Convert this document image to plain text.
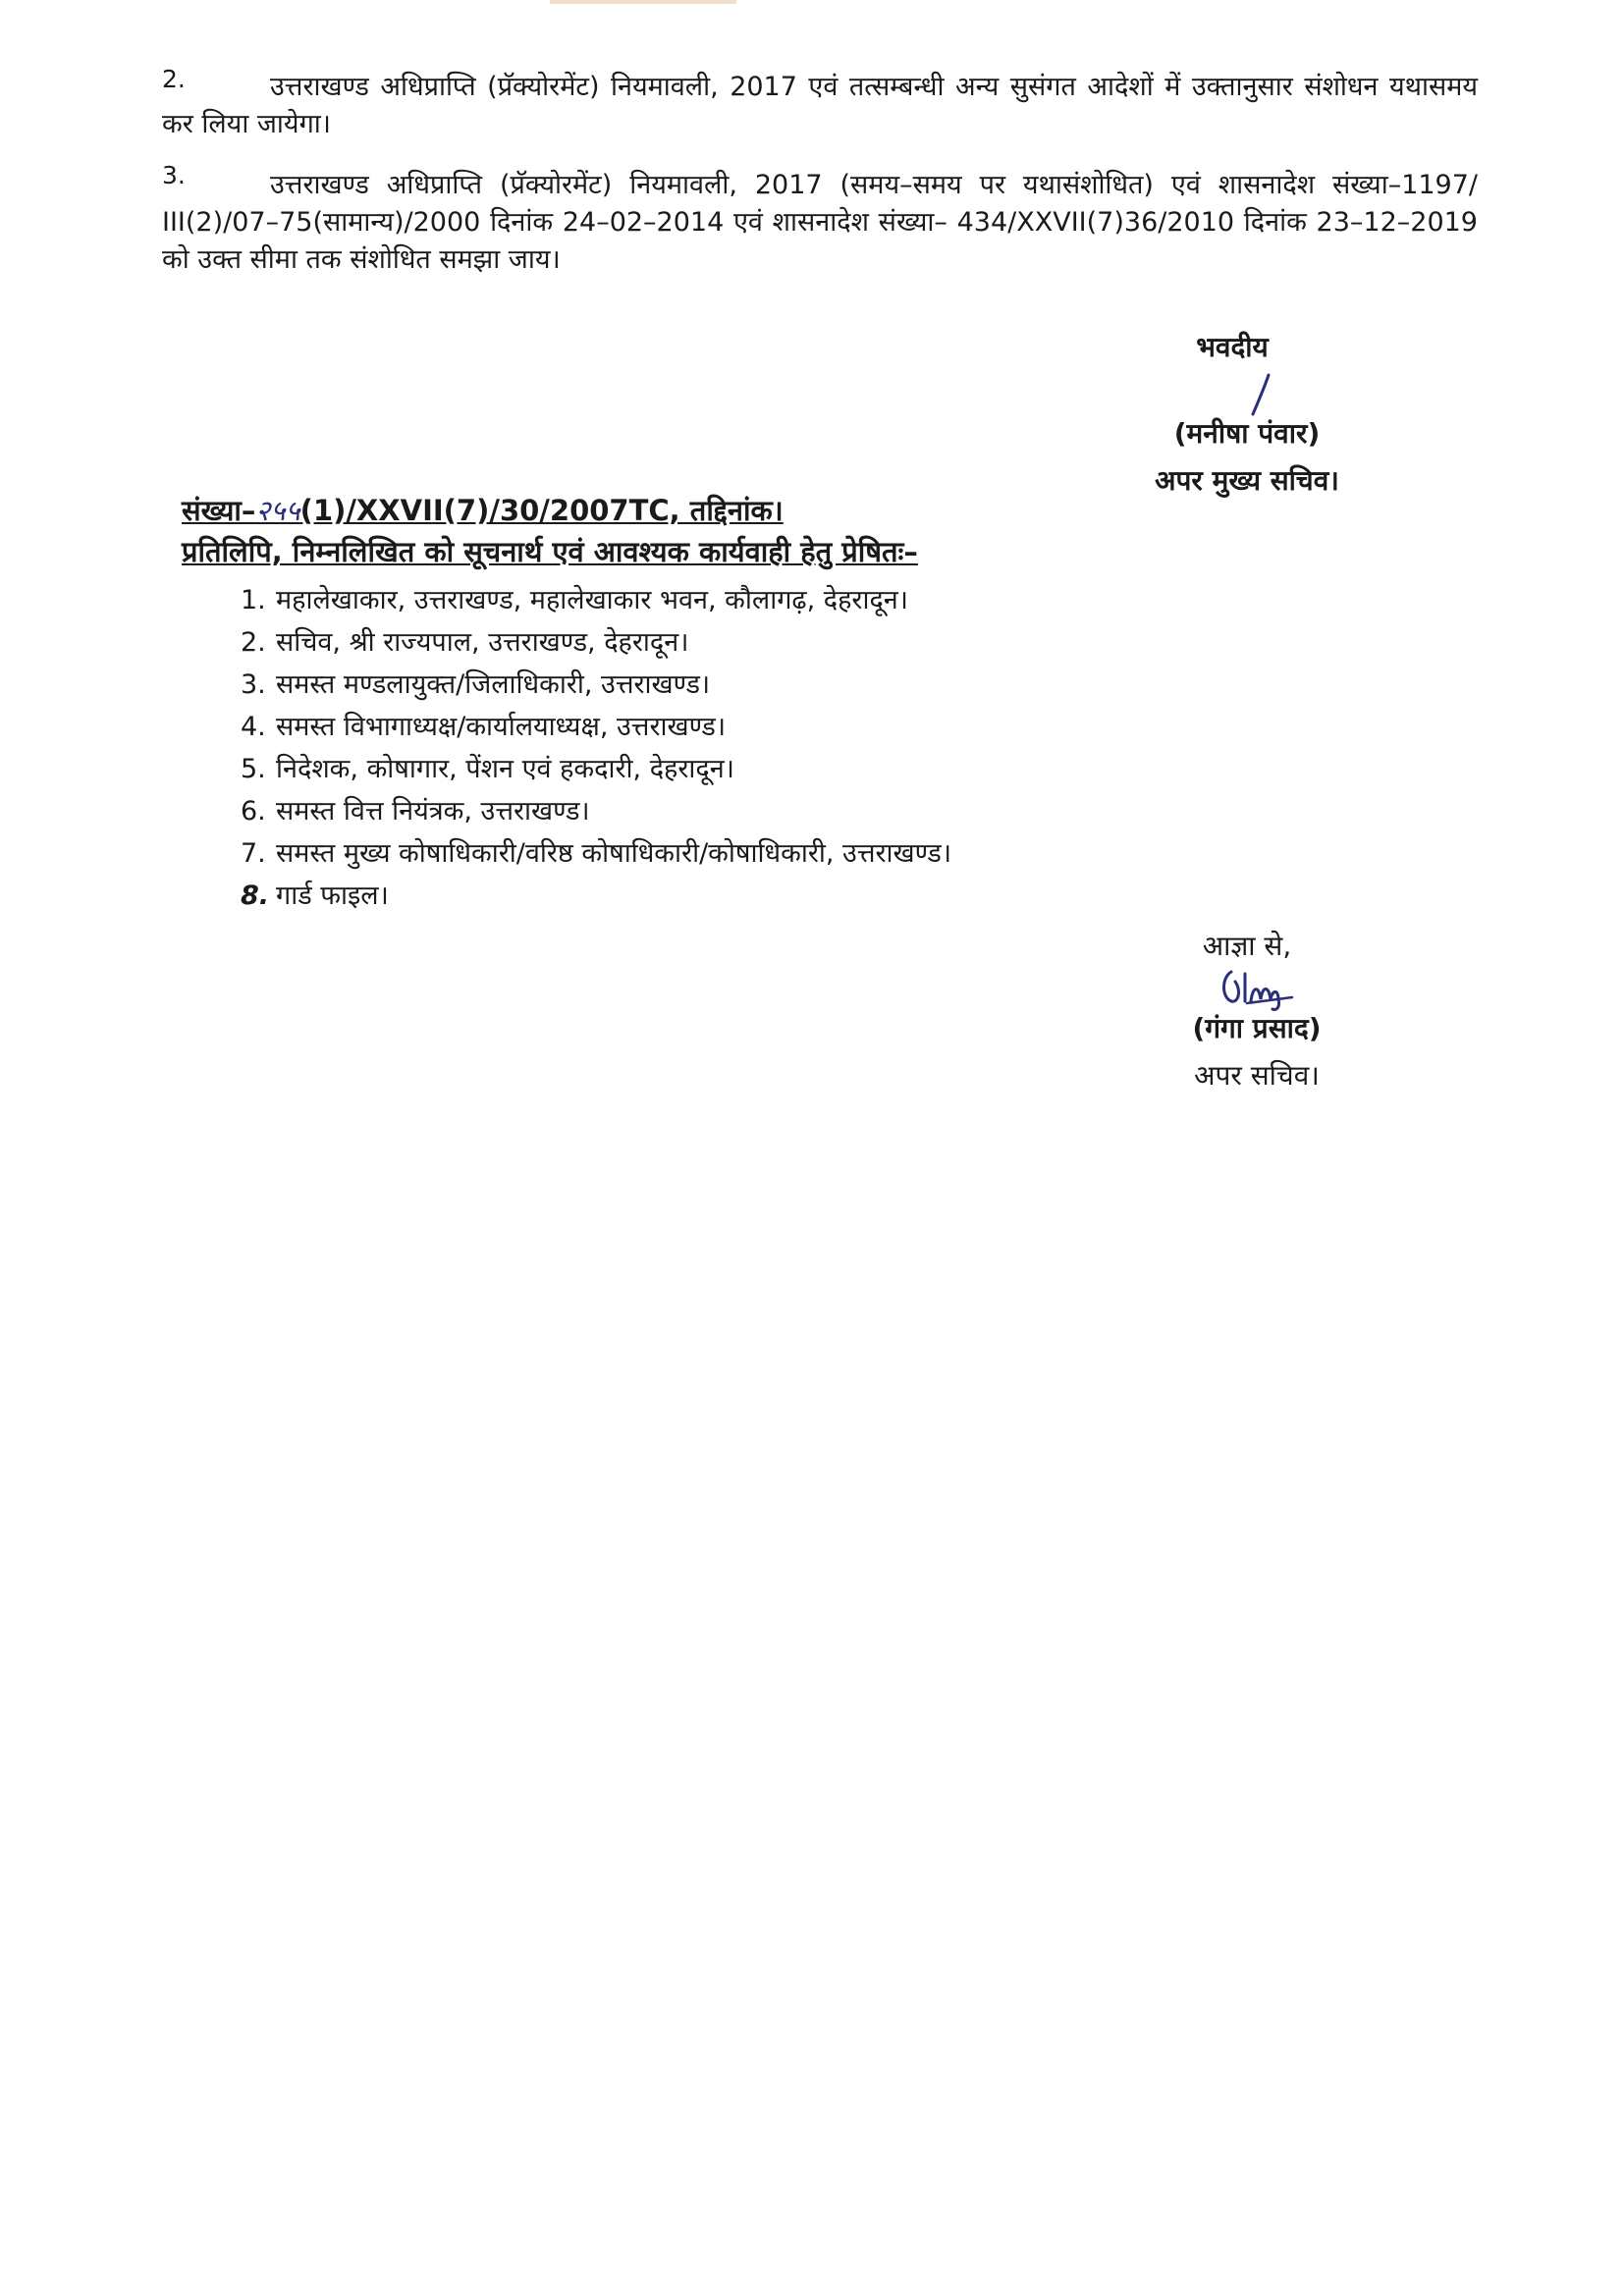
2.	उत्तराखण्ड अधिप्राप्ति (प्रॅक्योरमेंट) नियमावली, 2017 एवं तत्सम्बन्धी अन्य सुसंगत आदेशों में उक्तानुसार संशोधन यथासमय कर लिया जायेगा।
3.	उत्तराखण्ड अधिप्राप्ति (प्रॅक्योरमेंट) नियमावली, 2017 (समय–समय पर यथासंशोधित) एवं शासनादेश संख्या–1197/ III(2)/07–75(सामान्य)/2000 दिनांक 24–02–2014 एवं शासनादेश संख्या– 434/XXVII(7)36/2010 दिनांक 23–12–2019 को उक्त सीमा तक संशोधित समझा जाय।
भवदीय
(मनीषा पंवार)
अपर मुख्य सचिव।
संख्या–२५५(1)/XXVII(7)/30/2007TC, तद्दिनांक।
प्रतिलिपि, निम्नलिखित को सूचनार्थ एवं आवश्यक कार्यवाही हेतु प्रेषितः–
1. महालेखाकार, उत्तराखण्ड, महालेखाकार भवन, कौलागढ़, देहरादून।
2. सचिव, श्री राज्यपाल, उत्तराखण्ड, देहरादून।
3. समस्त मण्डलायुक्त/जिलाधिकारी, उत्तराखण्ड।
4. समस्त विभागाध्यक्ष/कार्यालयाध्यक्ष, उत्तराखण्ड।
5. निदेशक, कोषागार, पेंशन एवं हकदारी, देहरादून।
6. समस्त वित्त नियंत्रक, उत्तराखण्ड।
7. समस्त मुख्य कोषाधिकारी/वरिष्ठ कोषाधिकारी/कोषाधिकारी, उत्तराखण्ड।
8. गार्ड फाइल।
आज्ञा से,
(गंगा प्रसाद)
अपर सचिव।
